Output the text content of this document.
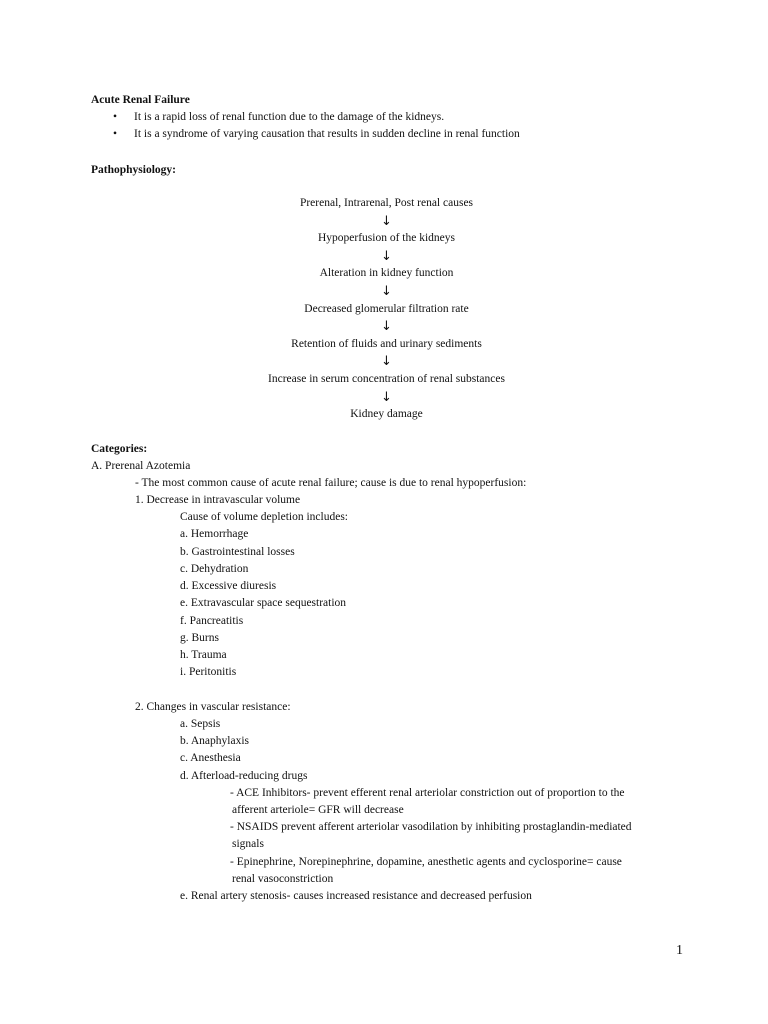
Acute Renal Failure
• It is a rapid loss of renal function due to the damage of the kidneys.
• It is a syndrome of varying causation that results in sudden decline in renal function
Pathophysiology:
Prerenal, Intrarenal, Post renal causes
↓
Hypoperfusion of the kidneys
↓
Alteration in kidney function
↓
Decreased glomerular filtration rate
↓
Retention of fluids and urinary sediments
↓
Increase in serum concentration of renal substances
↓
Kidney damage
Categories:
A. Prerenal Azotemia
- The most common cause of acute renal failure; cause is due to renal hypoperfusion:
1. Decrease in intravascular volume
Cause of volume depletion includes:
a. Hemorrhage
b. Gastrointestinal losses
c. Dehydration
d. Excessive diuresis
e. Extravascular space sequestration
f. Pancreatitis
g. Burns
h. Trauma
i. Peritonitis
2. Changes in vascular resistance:
a. Sepsis
b. Anaphylaxis
c. Anesthesia
d. Afterload-reducing drugs
- ACE Inhibitors- prevent efferent renal arteriolar constriction out of proportion to the
afferent arteriole= GFR will decrease
- NSAIDS prevent afferent arteriolar vasodilation by inhibiting prostaglandin-mediated
signals
- Epinephrine, Norepinephrine, dopamine, anesthetic agents and cyclosporine= cause
renal vasoconstriction
e. Renal artery stenosis- causes increased resistance and decreased perfusion
1
